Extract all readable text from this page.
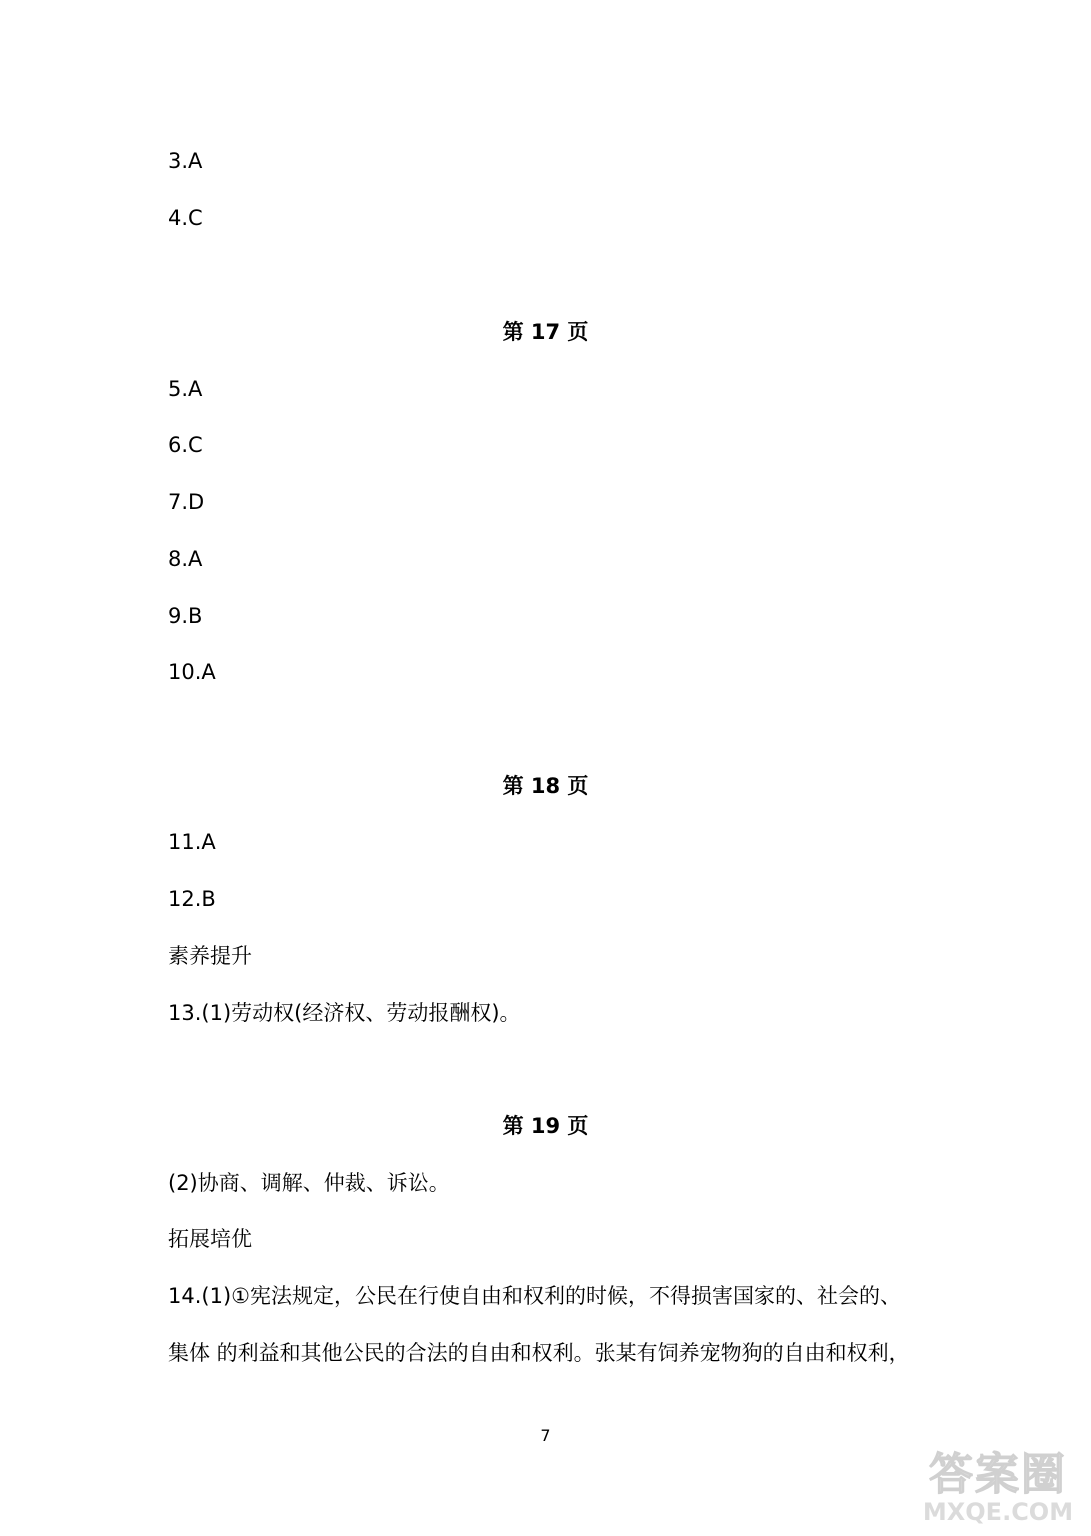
3.A
4.C
第 17 页
5.A
6.C
7.D
8.A
9.B
10.A
第 18 页
11.A
12.B
素养提升
13.(1)劳动权(经济权、劳动报酬权)。
第 19 页
(2)协商、调解、仲裁、诉讼。
拓展培优
14.(1)①宪法规定，公民在行使自由和权利的时候，不得损害国家的、社会的、
集体 的利益和其他公民的合法的自由和权利。张某有饲养宠物狗的自由和权利，
7
答案圈
MXQE.COM
